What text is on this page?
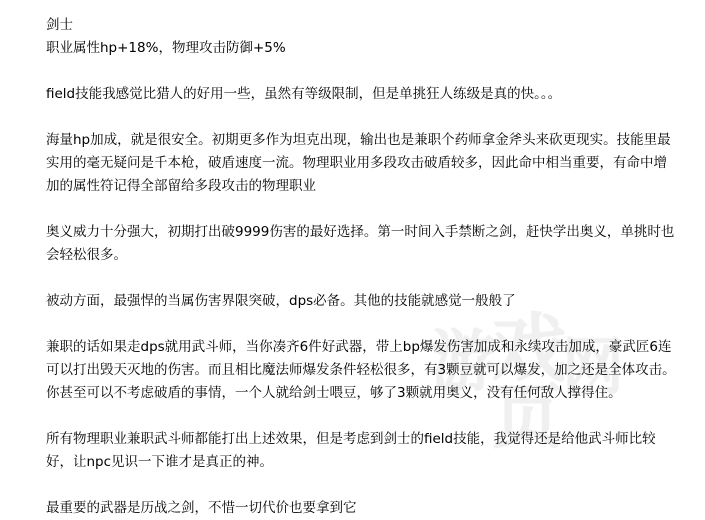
游
戏
网
页

剑士

职业属性hp+18%，物理攻击防御+5%

field技能我感觉比猎人的好用一些，虽然有等级限制，但是单挑狂人练级是真的快。。。

海量hp加成，就是很安全。初期更多作为坦克出现，输出也是兼职个药师拿金斧头来砍更现实。技能里最实用的毫无疑问是千本枪，破盾速度一流。物理职业用多段攻击破盾较多，因此命中相当重要，有命中增加的属性符记得全部留给多段攻击的物理职业

奥义威力十分强大，初期打出破9999伤害的最好选择。第一时间入手禁断之剑，赶快学出奥义，单挑时也会轻松很多。

被动方面，最强悍的当属伤害界限突破，dps必备。其他的技能就感觉一般般了

兼职的话如果走dps就用武斗师，当你凑齐6件好武器，带上bp爆发伤害加成和永续攻击加成，豪武匠6连可以打出毁天灭地的伤害。而且相比魔法师爆发条件轻松很多，有3颗豆就可以爆发，加之还是全体攻击。你甚至可以不考虑破盾的事情，一个人就给剑士喂豆，够了3颗就用奥义，没有任何敌人撑得住。

所有物理职业兼职武斗师都能打出上述效果，但是考虑到剑士的field技能，我觉得还是给他武斗师比较好，让npc见识一下谁才是真正的神。

最重要的武器是历战之剑，不惜一切代价也要拿到它
